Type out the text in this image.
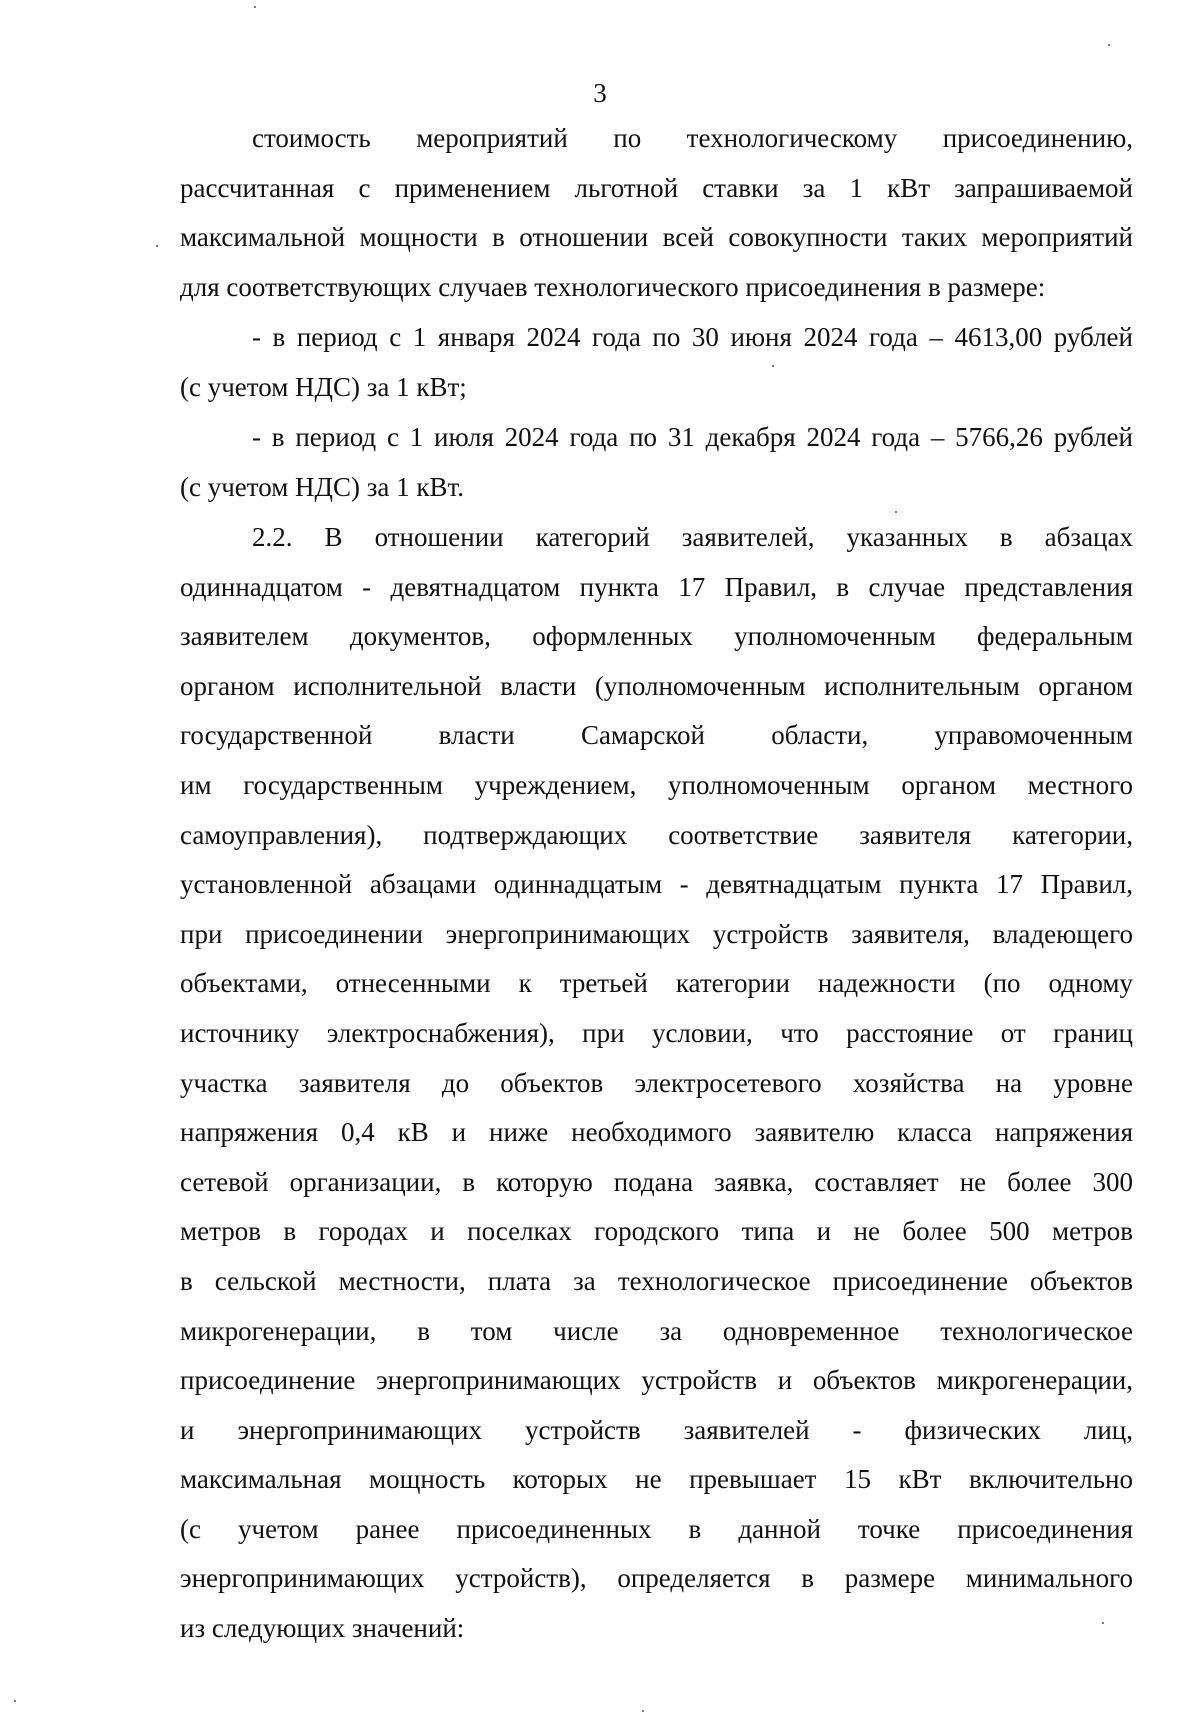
3
стоимость мероприятий по технологическому присоединению,
рассчитанная с применением льготной ставки за 1 кВт запрашиваемой
максимальной мощности в отношении всей совокупности таких мероприятий
для соответствующих случаев технологического присоединения в размере:
- в период с 1 января 2024 года по 30 июня 2024 года – 4613,00 рублей
(с учетом НДС) за 1 кВт;
- в период с 1 июля 2024 года по 31 декабря 2024 года – 5766,26 рублей
(с учетом НДС) за 1 кВт.
2.2. В отношении категорий заявителей, указанных в абзацах
одиннадцатом - девятнадцатом пункта 17 Правил, в случае представления
заявителем документов, оформленных уполномоченным федеральным
органом исполнительной власти (уполномоченным исполнительным органом
государственной власти Самарской области, управомоченным
им государственным учреждением, уполномоченным органом местного
самоуправления), подтверждающих соответствие заявителя категории,
установленной абзацами одиннадцатым - девятнадцатым пункта 17 Правил,
при присоединении энергопринимающих устройств заявителя, владеющего
объектами, отнесенными к третьей категории надежности (по одному
источнику электроснабжения), при условии, что расстояние от границ
участка заявителя до объектов электросетевого хозяйства на уровне
напряжения 0,4 кВ и ниже необходимого заявителю класса напряжения
сетевой организации, в которую подана заявка, составляет не более 300
метров в городах и поселках городского типа и не более 500 метров
в сельской местности, плата за технологическое присоединение объектов
микрогенерации, в том числе за одновременное технологическое
присоединение энергопринимающих устройств и объектов микрогенерации,
и энергопринимающих устройств заявителей - физических лиц,
максимальная мощность которых не превышает 15 кВт включительно
(с учетом ранее присоединенных в данной точке присоединения
энергопринимающих устройств), определяется в размере минимального
из следующих значений:
